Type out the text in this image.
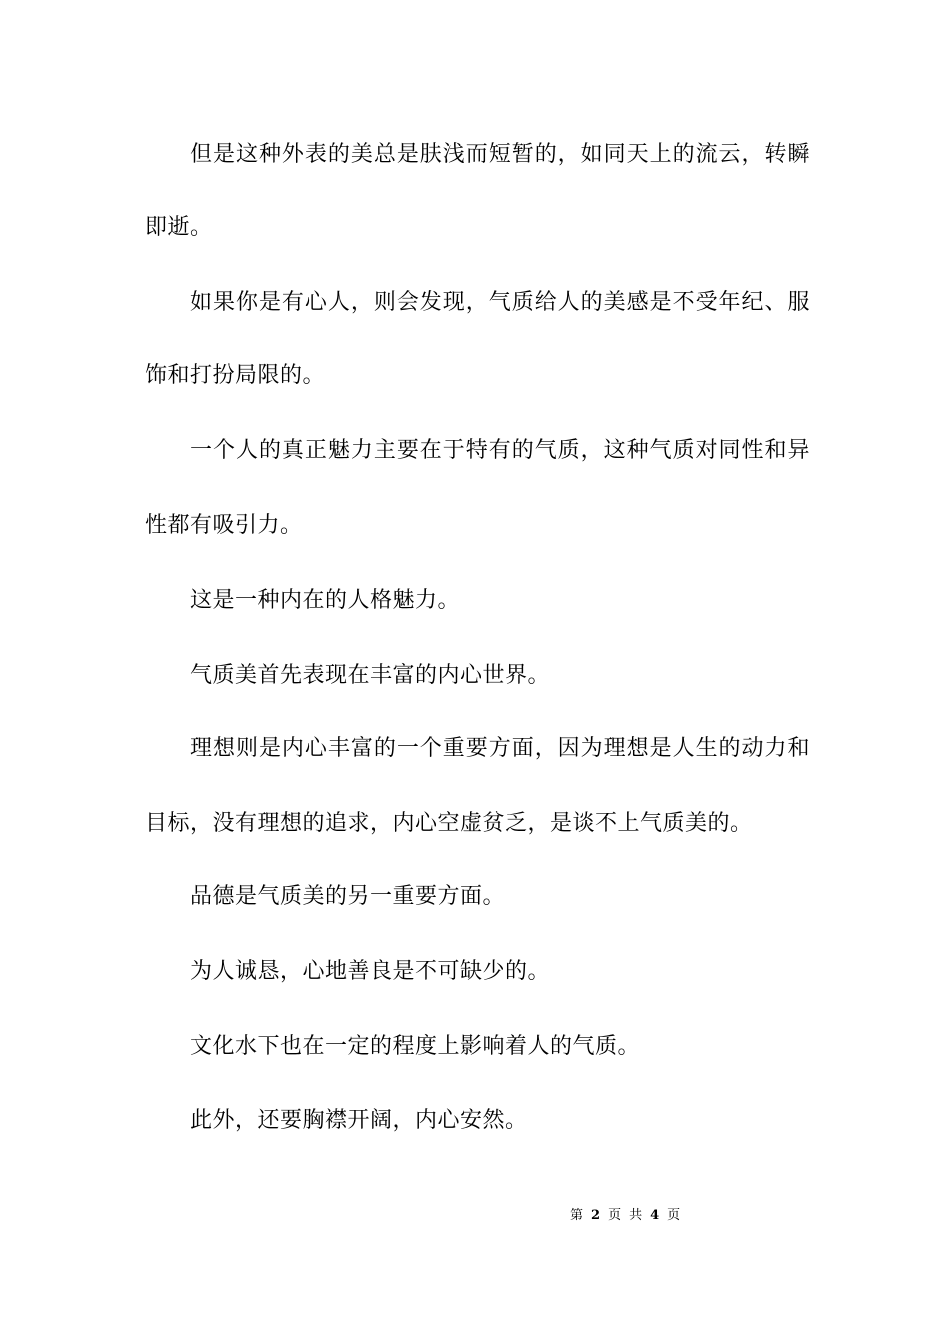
但是这种外表的美总是肤浅而短暂的，如同天上的流云，转瞬
即逝。
如果你是有心人，则会发现，气质给人的美感是不受年纪、服
饰和打扮局限的。
一个人的真正魅力主要在于特有的气质，这种气质对同性和异
性都有吸引力。
这是一种内在的人格魅力。
气质美首先表现在丰富的内心世界。
理想则是内心丰富的一个重要方面，因为理想是人生的动力和
目标，没有理想的追求，内心空虚贫乏，是谈不上气质美的。
品德是气质美的另一重要方面。
为人诚恳，心地善良是不可缺少的。
文化水下也在一定的程度上影响着人的气质。
此外，还要胸襟开阔，内心安然。
第 2 页 共 4 页
